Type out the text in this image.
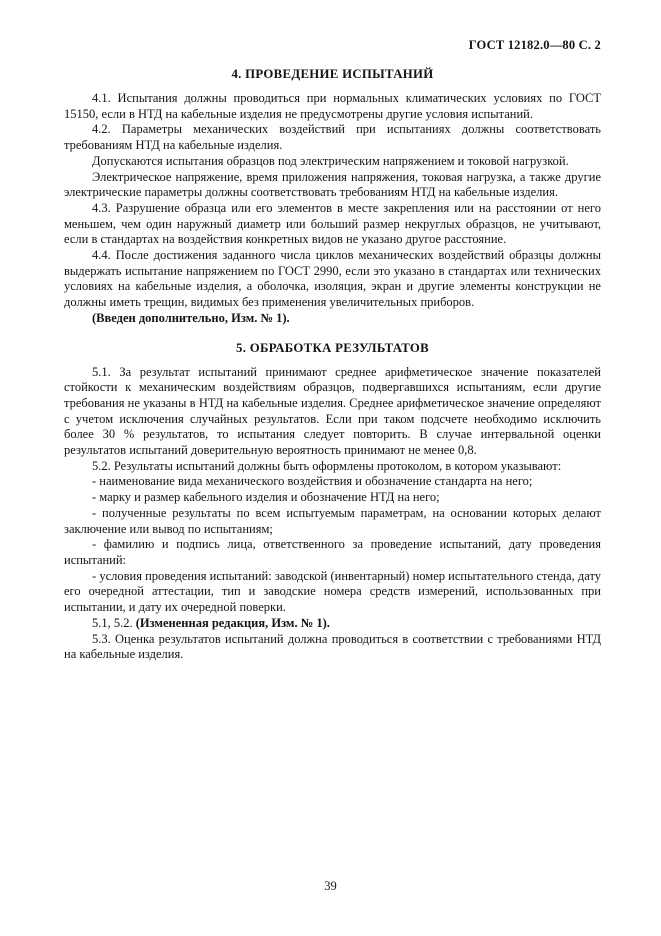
ГОСТ 12182.0—80 С. 2
4. ПРОВЕДЕНИЕ ИСПЫТАНИЙ

4.1. Испытания должны проводиться при нормальных климатических условиях по ГОСТ 15150, если в НТД на кабельные изделия не предусмотрены другие условия испытаний.

4.2. Параметры механических воздействий при испытаниях должны соответствовать требованиям НТД на кабельные изделия.

Допускаются испытания образцов под электрическим напряжением и токовой нагрузкой.

Электрическое напряжение, время приложения напряжения, токовая нагрузка, а также другие электрические параметры должны соответствовать требованиям НТД на кабельные изделия.

4.3. Разрушение образца или его элементов в месте закрепления или на расстоянии от него меньшем, чем один наружный диаметр или больший размер некруглых образцов, не учитывают, если в стандартах на воздействия конкретных видов не указано другое расстояние.

4.4. После достижения заданного числа циклов механических воздействий образцы должны выдержать испытание напряжением по ГОСТ 2990, если это указано в стандартах или технических условиях на кабельные изделия, а оболочка, изоляция, экран и другие элементы конструкции не должны иметь трещин, видимых без применения увеличительных приборов.

(Введен дополнительно, Изм. № 1).

5. ОБРАБОТКА РЕЗУЛЬТАТОВ

5.1. За результат испытаний принимают среднее арифметическое значение показателей стойкости к механическим воздействиям образцов, подвергавшихся испытаниям, если другие требования не указаны в НТД на кабельные изделия. Среднее арифметическое значение определяют с учетом исключения случайных результатов. Если при таком подсчете необходимо исключить более 30 % результатов, то испытания следует повторить. В случае интервальной оценки результатов испытаний доверительную вероятность принимают не менее 0,8.

5.2. Результаты испытаний должны быть оформлены протоколом, в котором указывают:

- наименование вида механического воздействия и обозначение стандарта на него;

- марку и размер кабельного изделия и обозначение НТД на него;

- полученные результаты по всем испытуемым параметрам, на основании которых делают заключение или вывод по испытаниям;

- фамилию и подпись лица, ответственного за проведение испытаний, дату проведения испытаний:

- условия проведения испытаний: заводской (инвентарный) номер испытательного стенда, дату его очередной аттестации, тип и заводские номера средств измерений, использованных при испытании, и дату их очередной поверки.

5.1, 5.2. (Измененная редакция, Изм. № 1).

5.3. Оценка результатов испытаний должна проводиться в соответствии с требованиями НТД на кабельные изделия.

39
